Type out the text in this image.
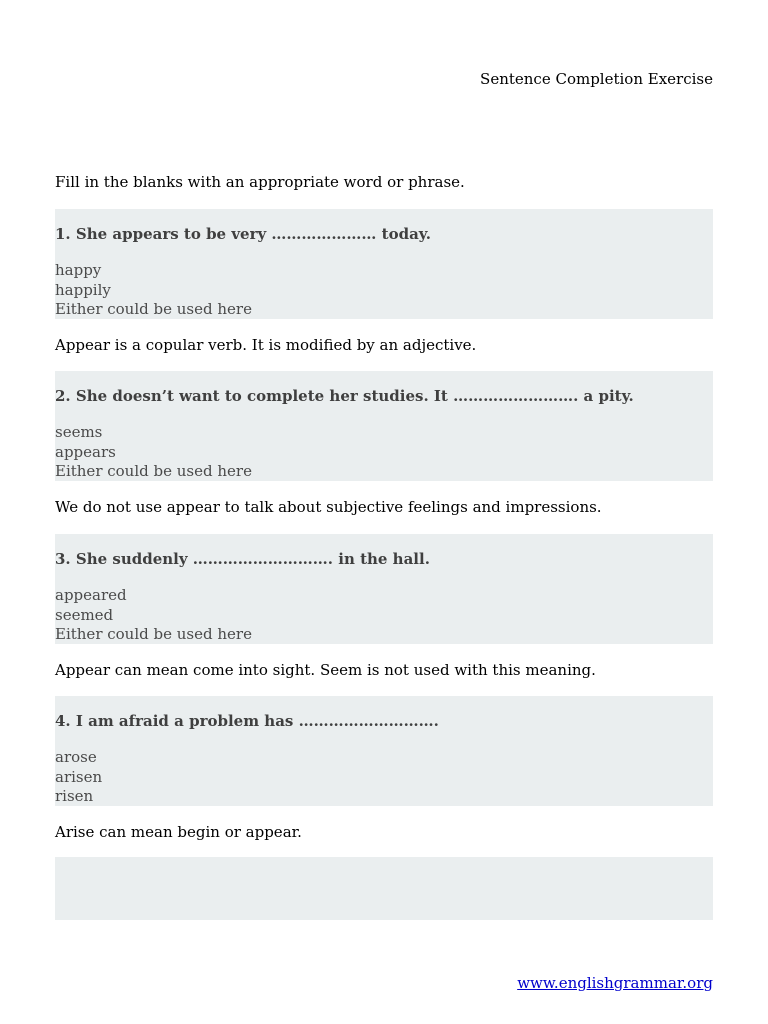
Sentence Completion Exercise
Fill in the blanks with an appropriate word or phrase.
1. She appears to be very ………………… today.
happy
happily
Either could be used here
Appear is a copular verb. It is modified by an adjective.
2. She doesn’t want to complete her studies. It ……………………. a pity.
seems
appears
Either could be used here
We do not use appear to talk about subjective feelings and impressions.
3. She suddenly ………………………. in the hall.
appeared
seemed
Either could be used here
Appear can mean come into sight. Seem is not used with this meaning.
4. I am afraid a problem has ……………………….
arose
arisen
risen
Arise can mean begin or appear.
www.englishgrammar.org
